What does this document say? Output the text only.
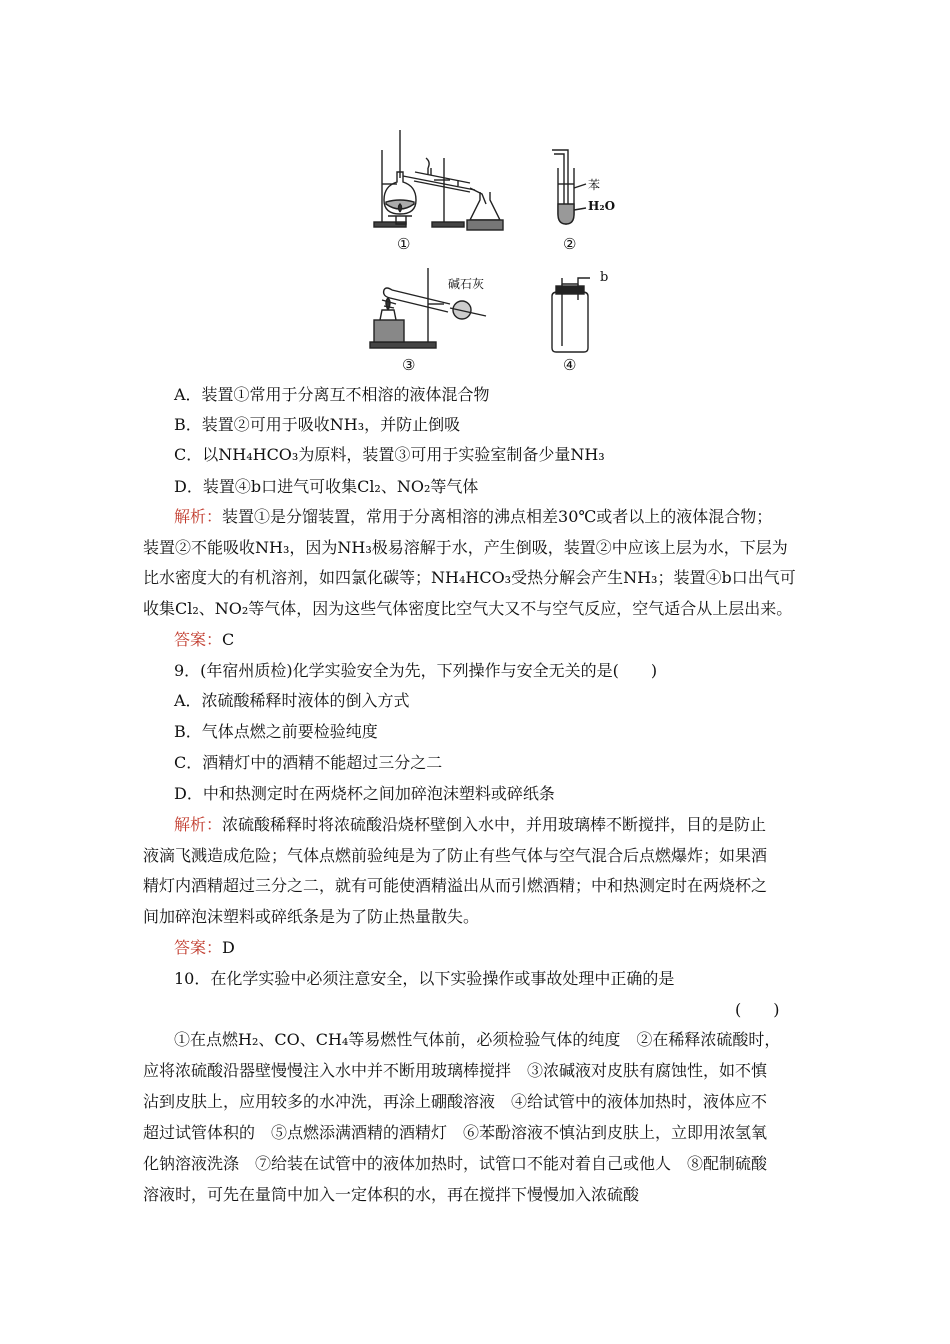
①
苯
H₂O
②
碱石灰
③
b
④
A．装置①常用于分离互不相溶的液体混合物
B．装置②可用于吸收NH₃，并防止倒吸
C．以NH₄HCO₃为原料，装置③可用于实验室制备少量NH₃
D．装置④b口进气可收集Cl₂、NO₂等气体
解析：装置①是分馏装置，常用于分离相溶的沸点相差30℃或者以上的液体混合物；
装置②不能吸收NH₃，因为NH₃极易溶解于水，产生倒吸，装置②中应该上层为水，下层为
比水密度大的有机溶剂，如四氯化碳等；NH₄HCO₃受热分解会产生NH₃；装置④b口出气可
收集Cl₂、NO₂等气体，因为这些气体密度比空气大又不与空气反应，空气适合从上层出来。
答案：C
9．(年宿州质检)化学实验安全为先，下列操作与安全无关的是(　　)
A．浓硫酸稀释时液体的倒入方式
B．气体点燃之前要检验纯度
C．酒精灯中的酒精不能超过三分之二
D．中和热测定时在两烧杯之间加碎泡沫塑料或碎纸条
解析：浓硫酸稀释时将浓硫酸沿烧杯壁倒入水中，并用玻璃棒不断搅拌，目的是防止
液滴飞溅造成危险；气体点燃前验纯是为了防止有些气体与空气混合后点燃爆炸；如果酒
精灯内酒精超过三分之二，就有可能使酒精溢出从而引燃酒精；中和热测定时在两烧杯之
间加碎泡沫塑料或碎纸条是为了防止热量散失。
答案：D
10．在化学实验中必须注意安全，以下实验操作或事故处理中正确的是
(　　)
①在点燃H₂、CO、CH₄等易燃性气体前，必须检验气体的纯度　②在稀释浓硫酸时，
应将浓硫酸沿器壁慢慢注入水中并不断用玻璃棒搅拌　③浓碱液对皮肤有腐蚀性，如不慎
沾到皮肤上，应用较多的水冲洗，再涂上硼酸溶液　④给试管中的液体加热时，液体应不
超过试管体积的　⑤点燃添满酒精的酒精灯　⑥苯酚溶液不慎沾到皮肤上，立即用浓氢氧
化钠溶液洗涤　⑦给装在试管中的液体加热时，试管口不能对着自己或他人　⑧配制硫酸
溶液时，可先在量筒中加入一定体积的水，再在搅拌下慢慢加入浓硫酸
